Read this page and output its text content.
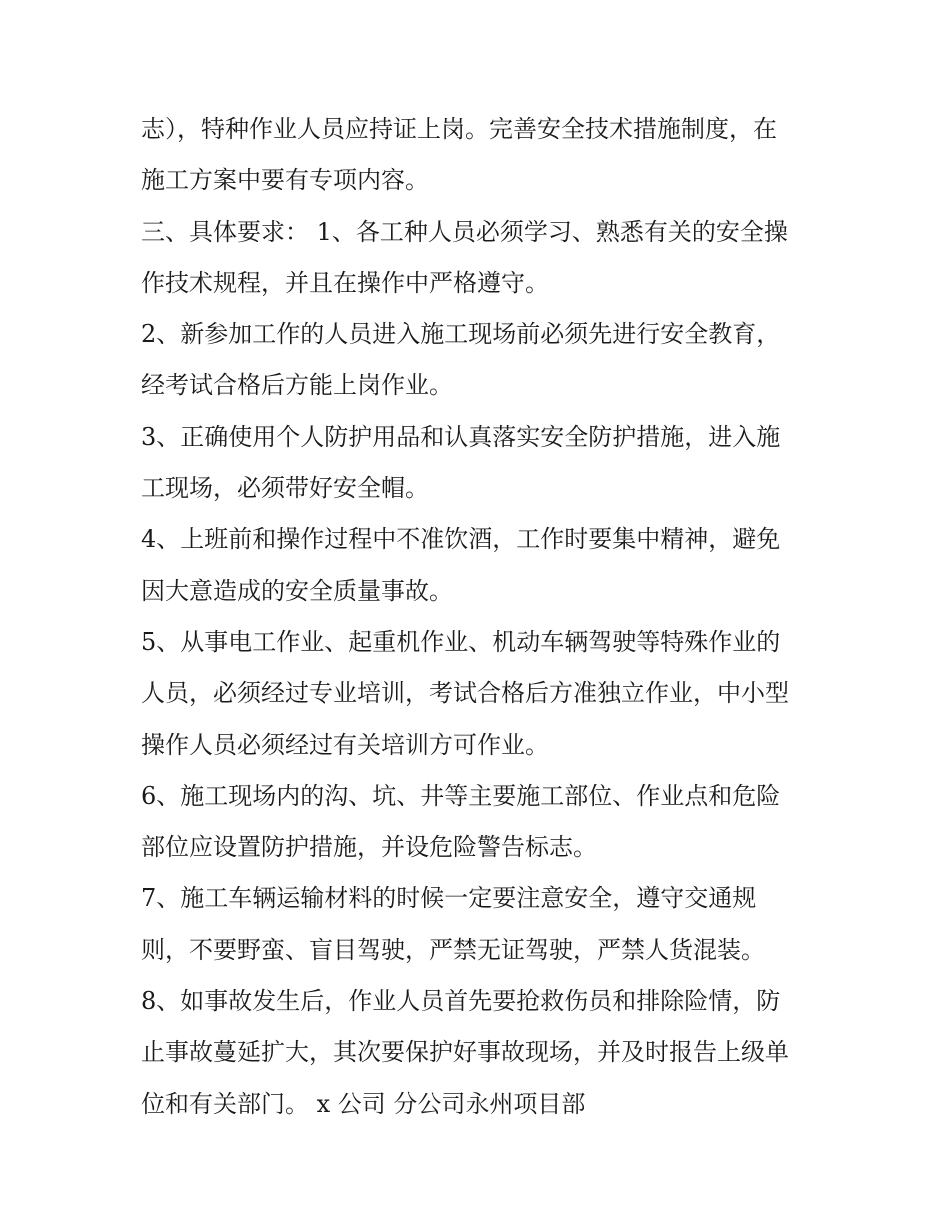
志），特种作业人员应持证上岗。完善安全技术措施制度，在
施工方案中要有专项内容。
三、具体要求： 1、各工种人员必须学习、熟悉有关的安全操
作技术规程，并且在操作中严格遵守。
2、新参加工作的人员进入施工现场前必须先进行安全教育，
经考试合格后方能上岗作业。
3、正确使用个人防护用品和认真落实安全防护措施，进入施
工现场，必须带好安全帽。
4、上班前和操作过程中不准饮酒，工作时要集中精神，避免
因大意造成的安全质量事故。
5、从事电工作业、起重机作业、机动车辆驾驶等特殊作业的
人员，必须经过专业培训，考试合格后方准独立作业，中小型
操作人员必须经过有关培训方可作业。
6、施工现场内的沟、坑、井等主要施工部位、作业点和危险
部位应设置防护措施，并设危险警告标志。
7、施工车辆运输材料的时候一定要注意安全，遵守交通规
则，不要野蛮、盲目驾驶，严禁无证驾驶，严禁人货混装。
8、如事故发生后，作业人员首先要抢救伤员和排除险情，防
止事故蔓延扩大，其次要保护好事故现场，并及时报告上级单
位和有关部门。 x 公司 分公司永州项目部
